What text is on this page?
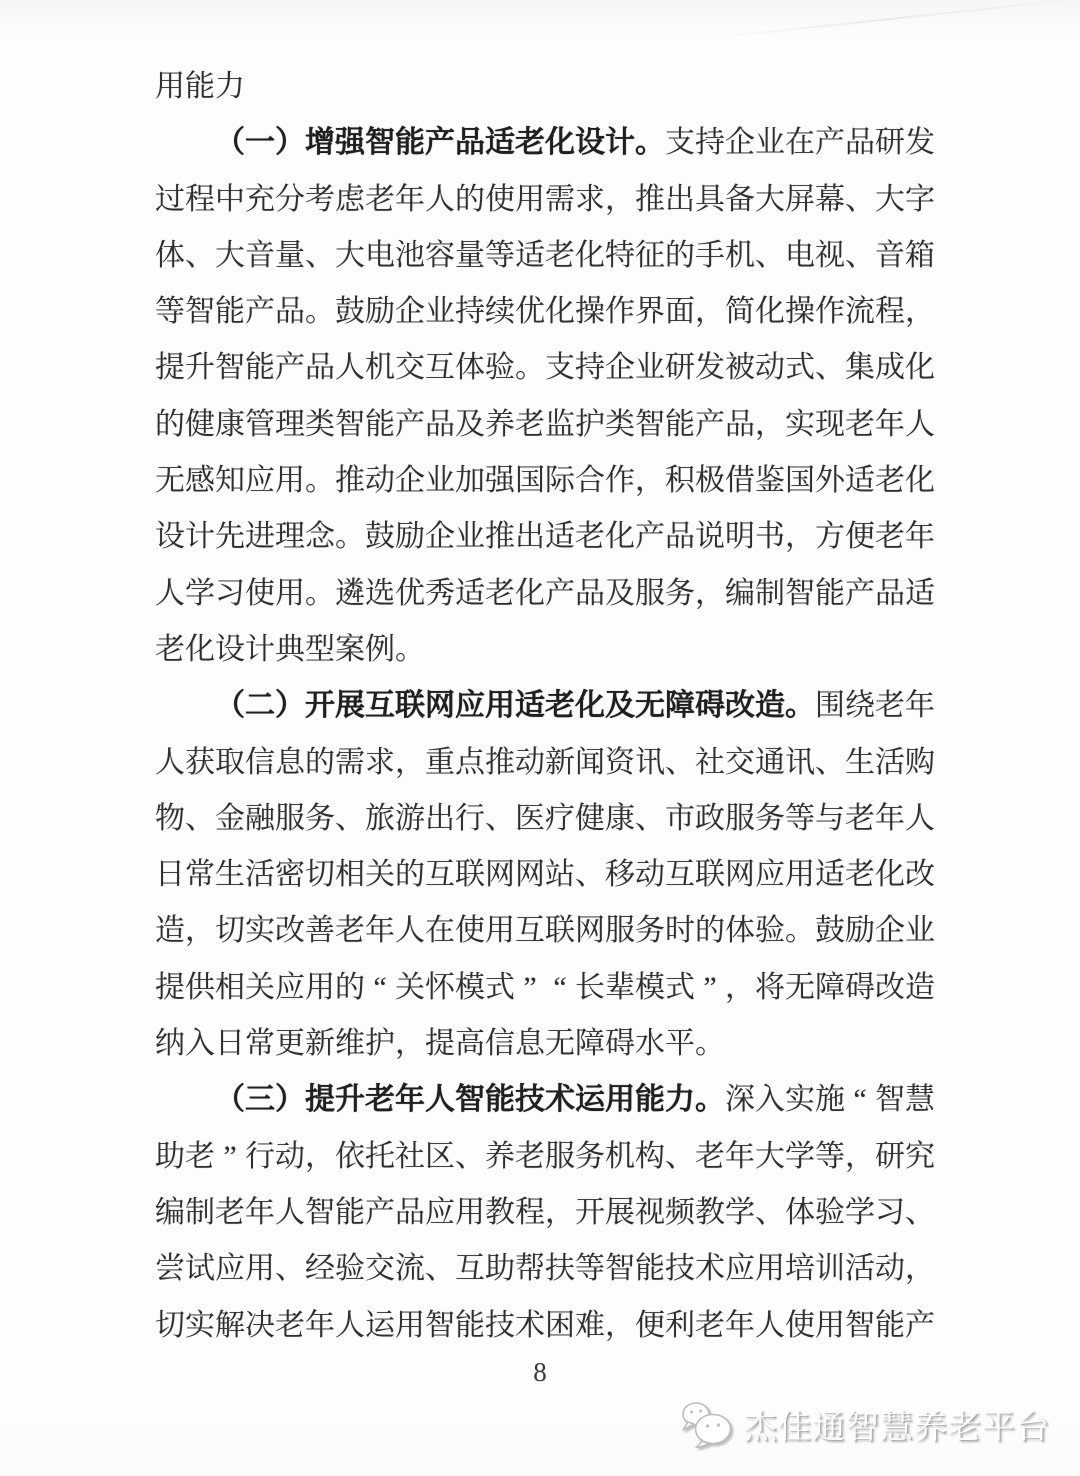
用能力
（一）增强智能产品适老化设计。支持企业在产品研发
过程中充分考虑老年人的使用需求，推出具备大屏幕、大字
体、大音量、大电池容量等适老化特征的手机、电视、音箱
等智能产品。鼓励企业持续优化操作界面，简化操作流程，
提升智能产品人机交互体验。支持企业研发被动式、集成化
的健康管理类智能产品及养老监护类智能产品，实现老年人
无感知应用。推动企业加强国际合作，积极借鉴国外适老化
设计先进理念。鼓励企业推出适老化产品说明书，方便老年
人学习使用。遴选优秀适老化产品及服务，编制智能产品适
老化设计典型案例。
（二）开展互联网应用适老化及无障碍改造。围绕老年
人获取信息的需求，重点推动新闻资讯、社交通讯、生活购
物、金融服务、旅游出行、医疗健康、市政服务等与老年人
日常生活密切相关的互联网网站、移动互联网应用适老化改
造，切实改善老年人在使用互联网服务时的体验。鼓励企业
提供相关应用的 “ 关怀模式 ” “ 长辈模式 ” ，将无障碍改造
纳入日常更新维护，提高信息无障碍水平。
（三）提升老年人智能技术运用能力。深入实施 “ 智慧
助老 ” 行动，依托社区、养老服务机构、老年大学等，研究
编制老年人智能产品应用教程，开展视频教学、体验学习、
尝试应用、经验交流、互助帮扶等智能技术应用培训活动，
切实解决老年人运用智能技术困难，便利老年人使用智能产
8
杰佳通智慧养老平台
